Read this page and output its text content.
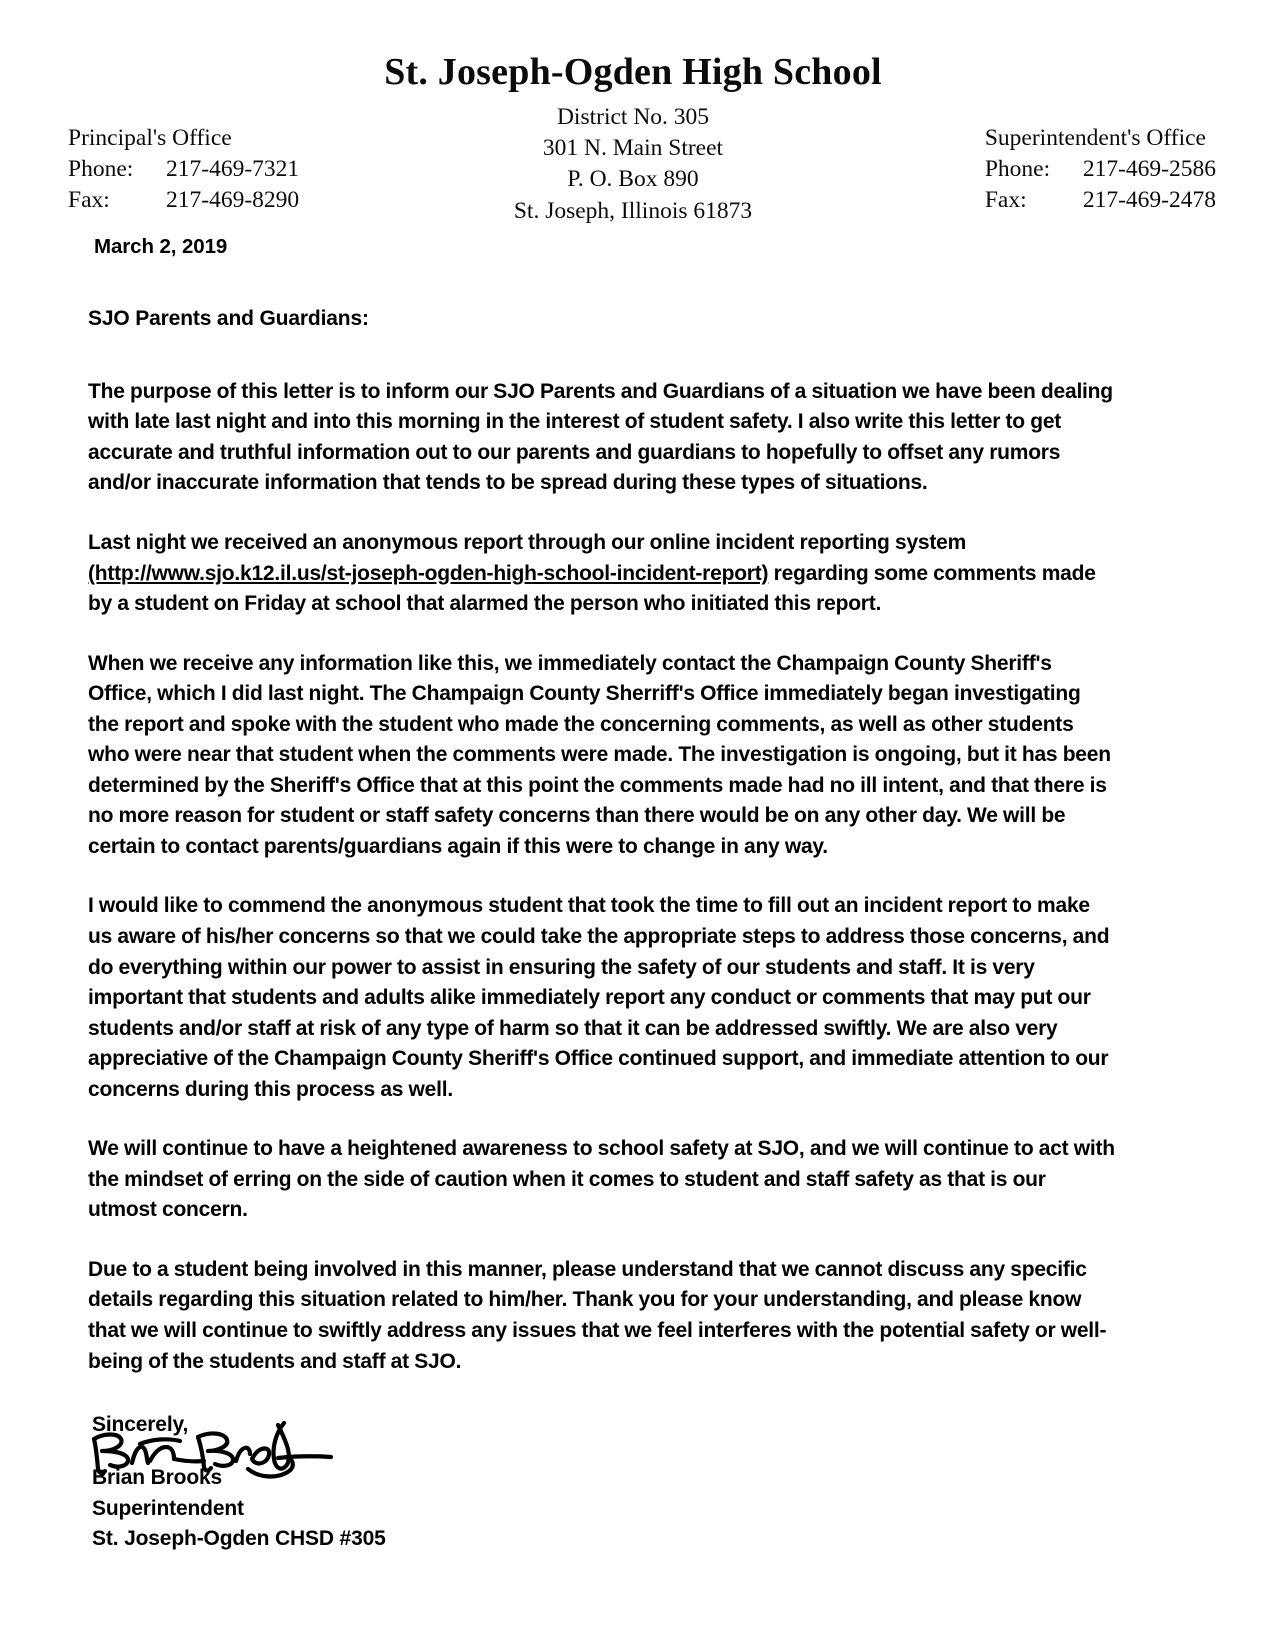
St. Joseph-Ogden High School
Principal's Office
Phone: 217-469-7321
Fax: 217-469-8290
District No. 305
301 N. Main Street
P. O. Box 890
St. Joseph, Illinois 61873
Superintendent's Office
Phone: 217-469-2586
Fax: 217-469-2478
March 2, 2019
SJO Parents and Guardians:

The purpose of this letter is to inform our SJO Parents and Guardians of a situation we have been dealing with late last night and into this morning in the interest of student safety. I also write this letter to get accurate and truthful information out to our parents and guardians to hopefully to offset any rumors and/or inaccurate information that tends to be spread during these types of situations.

Last night we received an anonymous report through our online incident reporting system (http://www.sjo.k12.il.us/st-joseph-ogden-high-school-incident-report) regarding some comments made by a student on Friday at school that alarmed the person who initiated this report.

When we receive any information like this, we immediately contact the Champaign County Sheriff's Office, which I did last night. The Champaign County Sherriff's Office immediately began investigating the report and spoke with the student who made the concerning comments, as well as other students who were near that student when the comments were made. The investigation is ongoing, but it has been determined by the Sheriff's Office that at this point the comments made had no ill intent, and that there is no more reason for student or staff safety concerns than there would be on any other day. We will be certain to contact parents/guardians again if this were to change in any way.

I would like to commend the anonymous student that took the time to fill out an incident report to make us aware of his/her concerns so that we could take the appropriate steps to address those concerns, and do everything within our power to assist in ensuring the safety of our students and staff. It is very important that students and adults alike immediately report any conduct or comments that may put our students and/or staff at risk of any type of harm so that it can be addressed swiftly. We are also very appreciative of the Champaign County Sheriff's Office continued support, and immediate attention to our concerns during this process as well.

We will continue to have a heightened awareness to school safety at SJO, and we will continue to act with the mindset of erring on the side of caution when it comes to student and staff safety as that is our utmost concern.

Due to a student being involved in this manner, please understand that we cannot discuss any specific details regarding this situation related to him/her. Thank you for your understanding, and please know that we will continue to swiftly address any issues that we feel interferes with the potential safety or well-being of the students and staff at SJO.

Sincerely,
Brian Brooks
Superintendent
St. Joseph-Ogden CHSD #305
